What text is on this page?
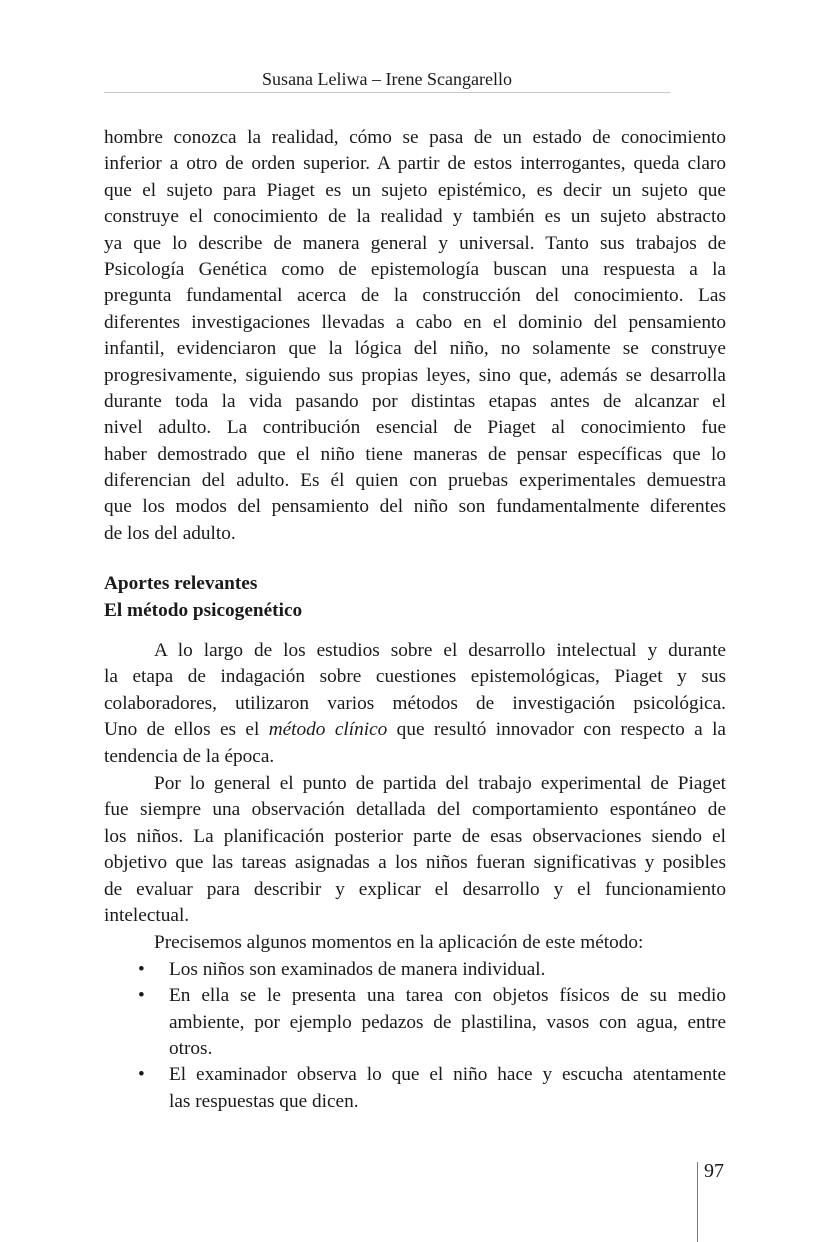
Susana Leliwa – Irene Scangarello
hombre conozca la realidad, cómo se pasa de un estado de conocimiento
inferior a otro de orden superior. A partir de estos interrogantes, queda claro
que el sujeto para Piaget es un sujeto epistémico, es decir un sujeto que
construye el conocimiento de la realidad y también es un sujeto abstracto
ya que lo describe de manera general y universal. Tanto sus trabajos de
Psicología Genética como de epistemología buscan una respuesta a la
pregunta fundamental acerca de la construcción del conocimiento. Las
diferentes investigaciones llevadas a cabo en el dominio del pensamiento
infantil, evidenciaron que la lógica del niño, no solamente se construye
progresivamente, siguiendo sus propias leyes, sino que, además se desarrolla
durante toda la vida pasando por distintas etapas antes de alcanzar el
nivel adulto. La contribución esencial de Piaget al conocimiento fue
haber demostrado que el niño tiene maneras de pensar específicas que lo
diferencian del adulto. Es él quien con pruebas experimentales demuestra
que los modos del pensamiento del niño son fundamentalmente diferentes
de los del adulto.
Aportes relevantes
El método psicogenético
A lo largo de los estudios sobre el desarrollo intelectual y durante
la etapa de indagación sobre cuestiones epistemológicas, Piaget y sus
colaboradores, utilizaron varios métodos de investigación psicológica.
Uno de ellos es el método clínico que resultó innovador con respecto a la
tendencia de la época.
Por lo general el punto de partida del trabajo experimental de Piaget
fue siempre una observación detallada del comportamiento espontáneo de
los niños. La planificación posterior parte de esas observaciones siendo el
objetivo que las tareas asignadas a los niños fueran significativas y posibles
de evaluar para describir y explicar el desarrollo y el funcionamiento
intelectual.
Precisemos algunos momentos en la aplicación de este método:
• Los niños son examinados de manera individual.
• En ella se le presenta una tarea con objetos físicos de su medio
ambiente, por ejemplo pedazos de plastilina, vasos con agua, entre
otros.
• El examinador observa lo que el niño hace y escucha atentamente
las respuestas que dicen.
97
